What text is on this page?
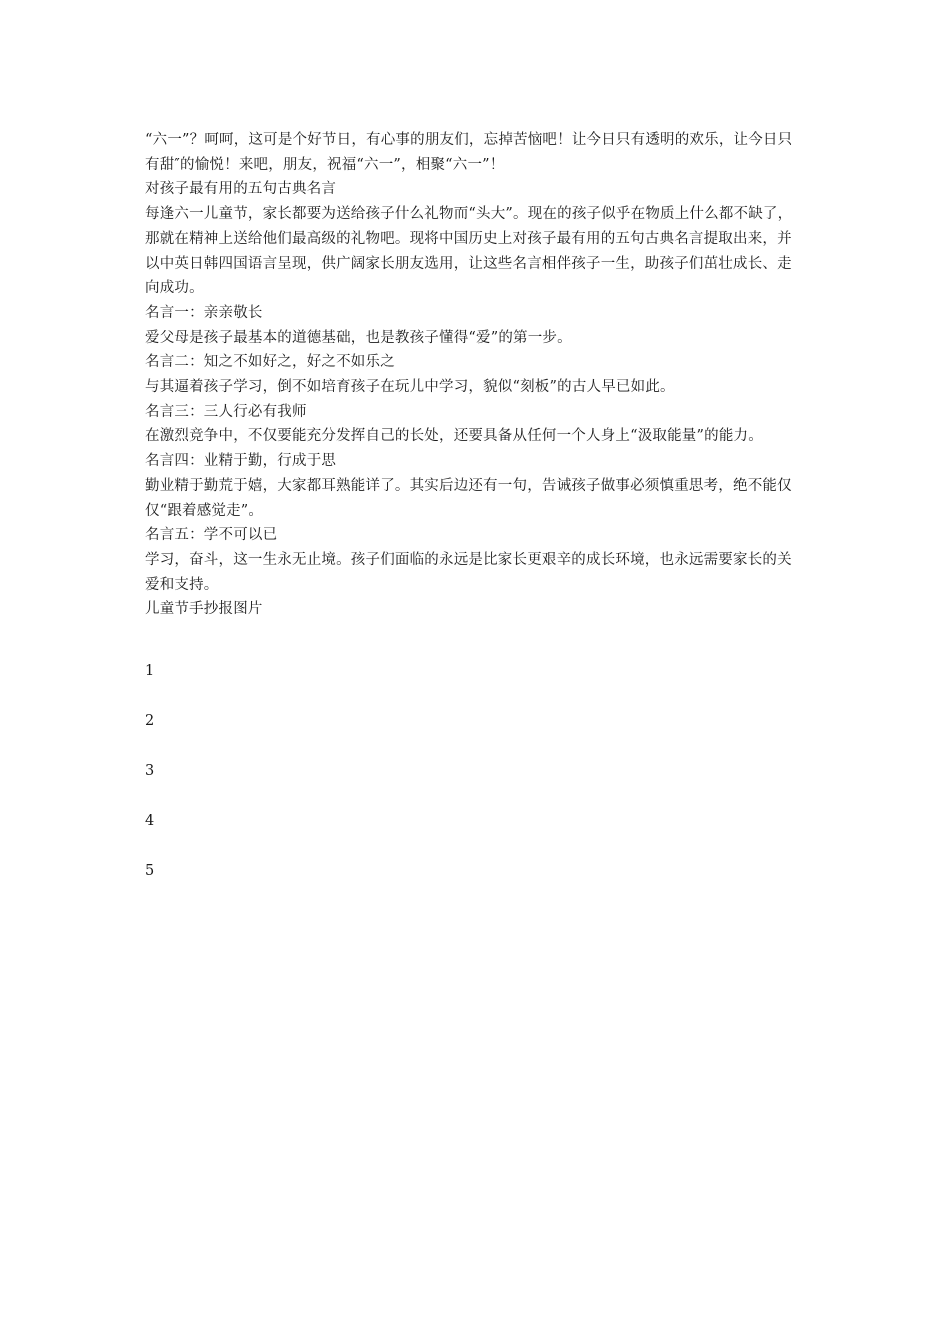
“六一”？呵呵，这可是个好节日，有心事的朋友们，忘掉苦恼吧！让今日只有透明的欢乐，让今日只有甜″的愉悦！来吧，朋友，祝福“六一”，相聚“六一”！

对孩子最有用的五句古典名言

每逢六一儿童节，家长都要为送给孩子什么礼物而“头大”。现在的孩子似乎在物质上什么都不缺了，那就在精神上送给他们最高级的礼物吧。现将中国历史上对孩子最有用的五句古典名言提取出来，并以中英日韩四国语言呈现，供广阔家长朋友选用，让这些名言相伴孩子一生，助孩子们茁壮成长、走向成功。

名言一：亲亲敬长

爱父母是孩子最基本的道德基础，也是教孩子懂得“爱”的第一步。

名言二：知之不如好之，好之不如乐之

与其逼着孩子学习，倒不如培育孩子在玩儿中学习，貌似“刻板”的古人早已如此。

名言三：三人行必有我师

在激烈竞争中，不仅要能充分发挥自己的长处，还要具备从任何一个人身上“汲取能量”的能力。

名言四：业精于勤，行成于思

勤业精于勤荒于嬉，大家都耳熟能详了。其实后边还有一句，告诫孩子做事必须慎重思考，绝不能仅仅“跟着感觉走”。

名言五：学不可以已

学习，奋斗，这一生永无止境。孩子们面临的永远是比家长更艰辛的成长环境，也永远需要家长的关爱和支持。

儿童节手抄报图片

1

2

3

4

5
